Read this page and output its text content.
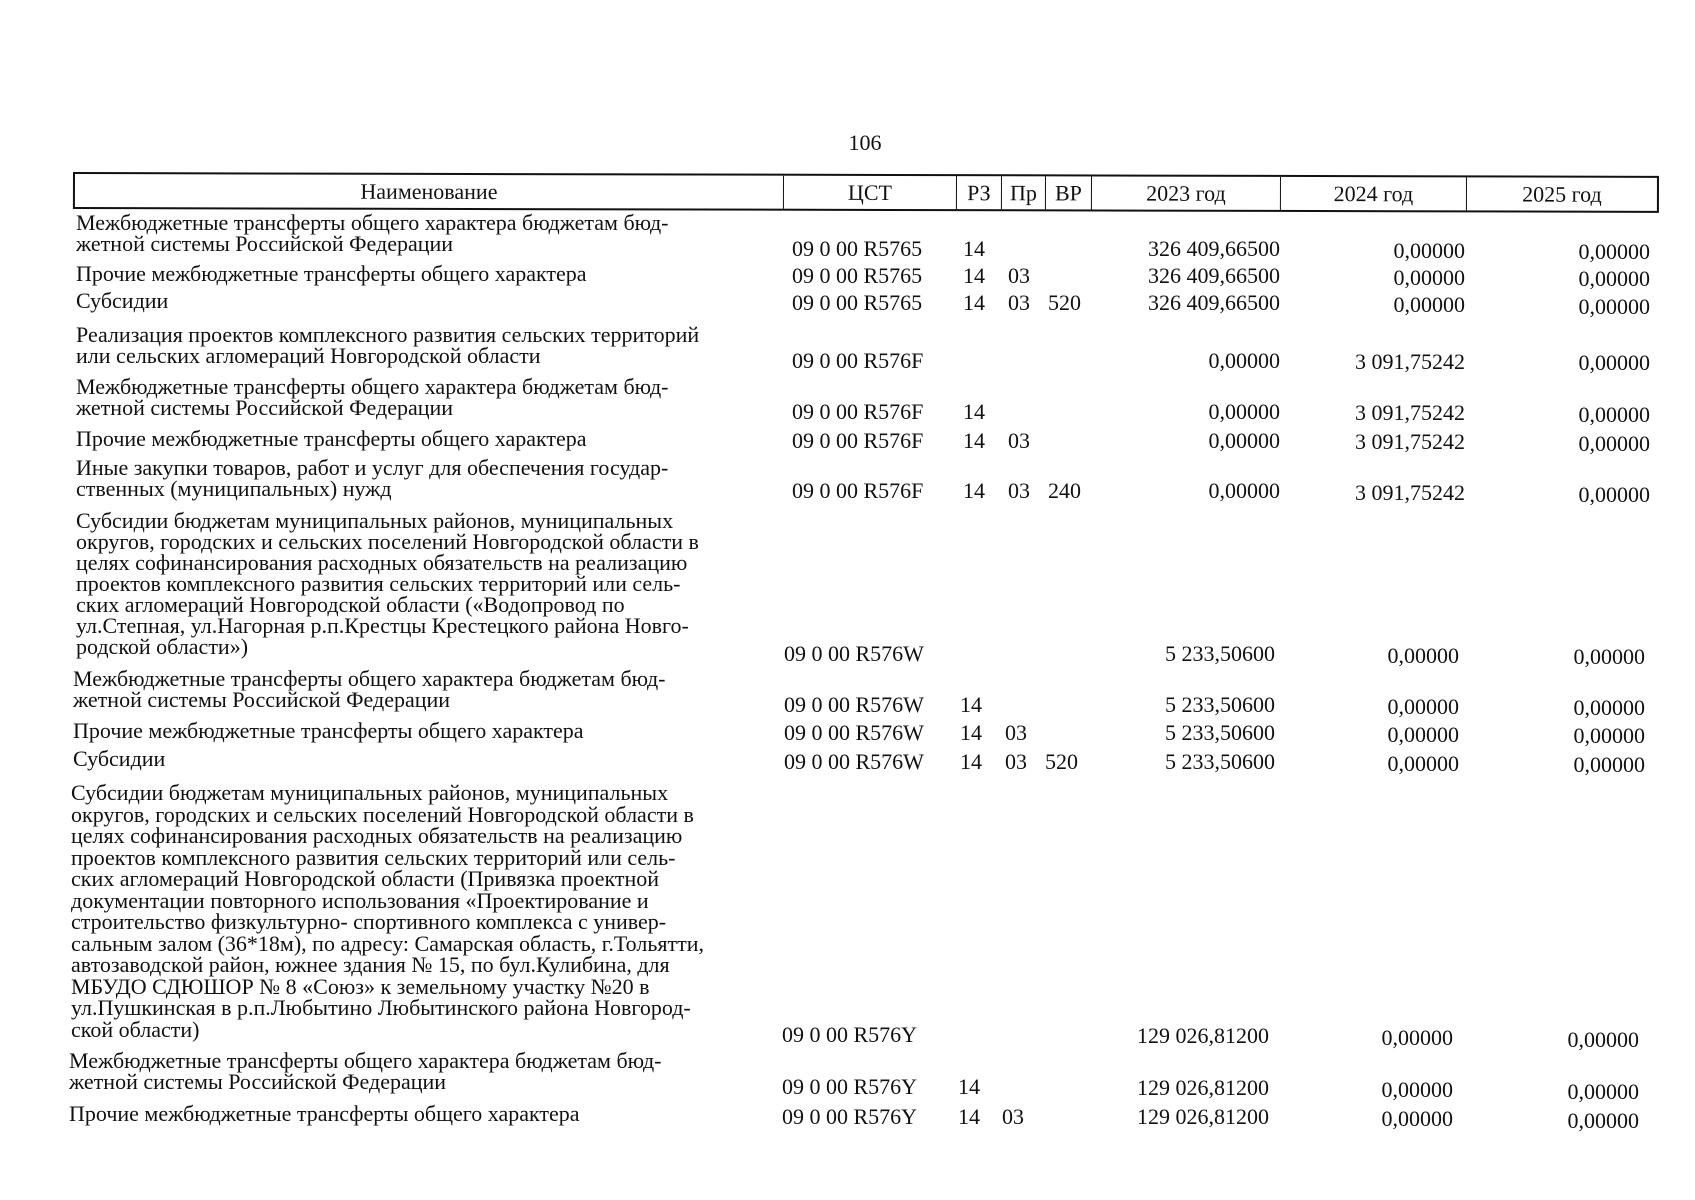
106
Наименование	ЦСТ	РЗ Пр ВР	2023 год	2024 год	2025 год
Межбюджетные трансферты общего характера бюджетам бюд-
жетной системы Российской Федерации	09 0 00 R5765 14	326 409,66500	0,00000	0,00000
Прочие межбюджетные трансферты общего характера	09 0 00 R5765 14 03	326 409,66500	0,00000	0,00000
Субсидии	09 0 00 R5765 14 03 520	326 409,66500	0,00000	0,00000
Реализация проектов комплексного развития сельских территорий
или сельских агломераций Новгородской области	09 0 00 R576F	0,00000	3 091,75242	0,00000
Межбюджетные трансферты общего характера бюджетам бюд-
жетной системы Российской Федерации	09 0 00 R576F 14	0,00000	3 091,75242	0,00000
Прочие межбюджетные трансферты общего характера	09 0 00 R576F 14 03	0,00000	3 091,75242	0,00000
Иные закупки товаров, работ и услуг для обеспечения государ-
ственных (муниципальных) нужд	09 0 00 R576F 14 03 240	0,00000	3 091,75242	0,00000
Субсидии бюджетам муниципальных районов, муниципальных
округов, городских и сельских поселений Новгородской области в
целях софинансирования расходных обязательств на реализацию
проектов комплексного развития сельских территорий или сель-
ских агломераций Новгородской области («Водопровод по
ул.Степная, ул.Нагорная р.п.Крестцы Крестецкого района Новго-
родской области»)	09 0 00 R576W	5 233,50600	0,00000	0,00000
Межбюджетные трансферты общего характера бюджетам бюд-
жетной системы Российской Федерации	09 0 00 R576W 14	5 233,50600	0,00000	0,00000
Прочие межбюджетные трансферты общего характера	09 0 00 R576W 14 03	5 233,50600	0,00000	0,00000
Субсидии	09 0 00 R576W 14 03 520	5 233,50600	0,00000	0,00000
Субсидии бюджетам муниципальных районов, муниципальных
округов, городских и сельских поселений Новгородской области в
целях софинансирования расходных обязательств на реализацию
проектов комплексного развития сельских территорий или сель-
ских агломераций Новгородской области (Привязка проектной
документации повторного использования «Проектирование и
строительство физкультурно- спортивного комплекса с универ-
сальным залом (36*18м), по адресу: Самарская область, г.Тольятти,
автозаводской район, южнее здания № 15, по бул.Кулибина, для
МБУДО СДЮШОР № 8 «Союз» к земельному участку №20 в
ул.Пушкинская в р.п.Любытино Любытинского района Новгород-
ской области)	09 0 00 R576Y	129 026,81200	0,00000	0,00000
Межбюджетные трансферты общего характера бюджетам бюд-
жетной системы Российской Федерации	09 0 00 R576Y 14	129 026,81200	0,00000	0,00000
Прочие межбюджетные трансферты общего характера	09 0 00 R576Y 14 03	129 026,81200	0,00000	0,00000
